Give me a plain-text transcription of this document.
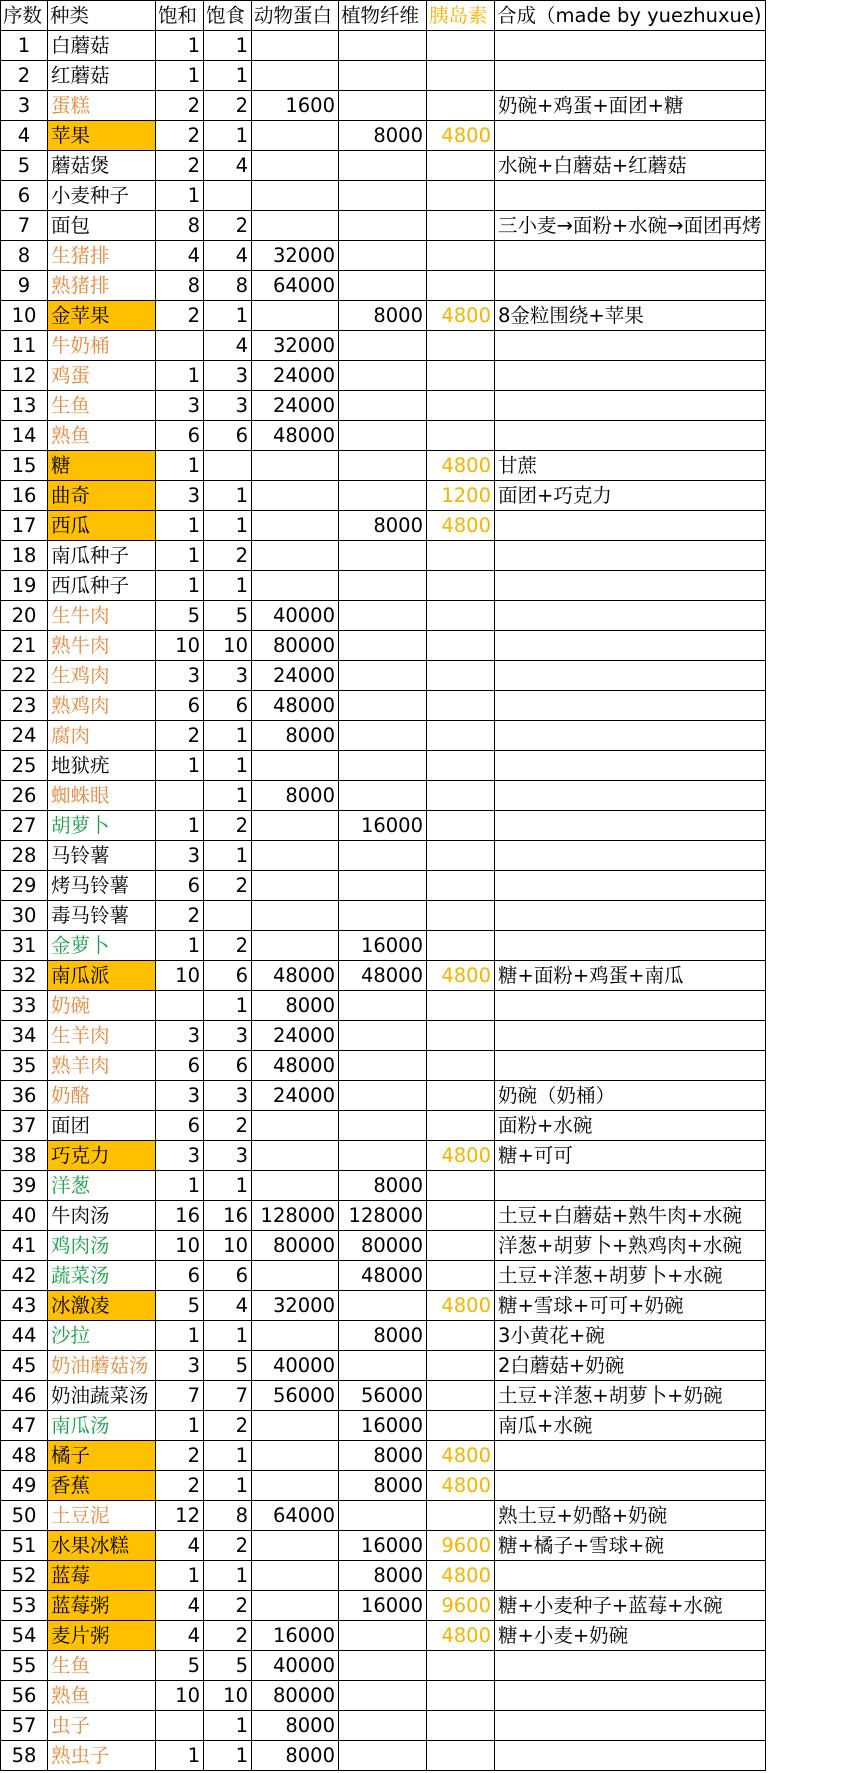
序数	种类	饱和	饱食	动物蛋白	植物纤维	胰岛素	合成（made by yuezhuxue)
1	白蘑菇	1	1				
2	红蘑菇	1	1				
3	蛋糕	2	2	1600			奶碗+鸡蛋+面团+糖
4	苹果	2	1		8000	4800	
5	蘑菇煲	2	4				水碗+白蘑菇+红蘑菇
6	小麦种子	1					
7	面包	8	2				三小麦→面粉+水碗→面团再烤
8	生猪排	4	4	32000			
9	熟猪排	8	8	64000			
10	金苹果	2	1		8000	4800	8金粒围绕+苹果
11	牛奶桶		4	32000			
12	鸡蛋	1	3	24000			
13	生鱼	3	3	24000			
14	熟鱼	6	6	48000			
15	糖	1				4800	甘蔗
16	曲奇	3	1			1200	面团+巧克力
17	西瓜	1	1		8000	4800	
18	南瓜种子	1	2				
19	西瓜种子	1	1				
20	生牛肉	5	5	40000			
21	熟牛肉	10	10	80000			
22	生鸡肉	3	3	24000			
23	熟鸡肉	6	6	48000			
24	腐肉	2	1	8000			
25	地狱疣	1	1				
26	蜘蛛眼		1	8000			
27	胡萝卜	1	2		16000		
28	马铃薯	3	1				
29	烤马铃薯	6	2				
30	毒马铃薯	2					
31	金萝卜	1	2		16000		
32	南瓜派	10	6	48000	48000	4800	糖+面粉+鸡蛋+南瓜
33	奶碗		1	8000			
34	生羊肉	3	3	24000			
35	熟羊肉	6	6	48000			
36	奶酪	3	3	24000			奶碗（奶桶）
37	面团	6	2				面粉+水碗
38	巧克力	3	3			4800	糖+可可
39	洋葱	1	1		8000		
40	牛肉汤	16	16	128000	128000		土豆+白蘑菇+熟牛肉+水碗
41	鸡肉汤	10	10	80000	80000		洋葱+胡萝卜+熟鸡肉+水碗
42	蔬菜汤	6	6		48000		土豆+洋葱+胡萝卜+水碗
43	冰激凌	5	4	32000		4800	糖+雪球+可可+奶碗
44	沙拉	1	1		8000		3小黄花+碗
45	奶油蘑菇汤	3	5	40000			2白蘑菇+奶碗
46	奶油蔬菜汤	7	7	56000	56000		土豆+洋葱+胡萝卜+奶碗
47	南瓜汤	1	2		16000		南瓜+水碗
48	橘子	2	1		8000	4800	
49	香蕉	2	1		8000	4800	
50	土豆泥	12	8	64000			熟土豆+奶酪+奶碗
51	水果冰糕	4	2		16000	9600	糖+橘子+雪球+碗
52	蓝莓	1	1		8000	4800	
53	蓝莓粥	4	2		16000	9600	糖+小麦种子+蓝莓+水碗
54	麦片粥	4	2	16000		4800	糖+小麦+奶碗
55	生鱼	5	5	40000			
56	熟鱼	10	10	80000			
57	虫子		1	8000			
58	熟虫子	1	1	8000			
